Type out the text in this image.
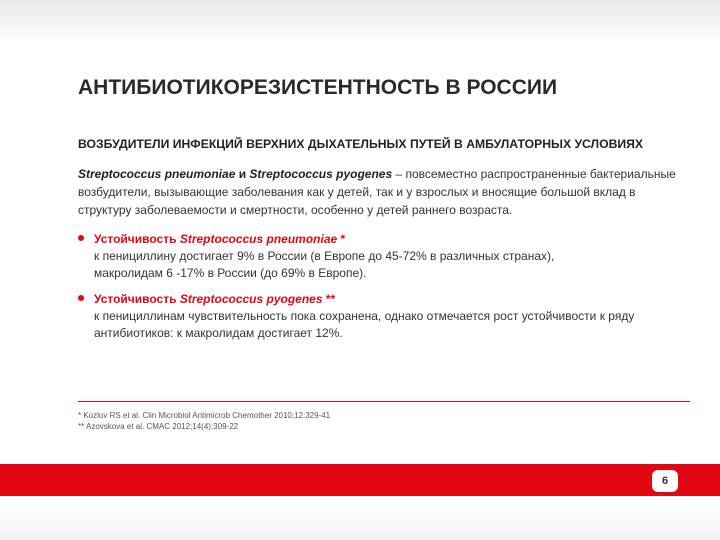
АНТИБИОТИКОРЕЗИСТЕНТНОСТЬ В РОССИИ
ВОЗБУДИТЕЛИ ИНФЕКЦИЙ ВЕРХНИХ ДЫХАТЕЛЬНЫХ ПУТЕЙ В АМБУЛАТОРНЫХ УСЛОВИЯХ
Streptococcus pneumoniae и Streptococcus pyogenes – повсеместно распространенные бактериальные возбудители, вызывающие заболевания как у детей, так и у взрослых и вносящие большой вклад в структуру заболеваемости и смертности, особенно у детей раннего возраста.
Устойчивость Streptococcus pneumoniae *
к пенициллину достигает 9% в России (в Европе до 45-72% в различных странах),
макролидам 6 -17% в России (до 69% в Европе).
Устойчивость Streptococcus pyogenes **
к пенициллинам чувствительность пока сохранена, однако отмечается рост устойчивости к ряду
антибиотиков: к макролидам достигает 12%.
* Kozlov RS et al. Clin Microbiol Antimicrob Chemother 2010;12:329-41
** Azovskova et al. CMAC 2012;14(4):309-22
6
